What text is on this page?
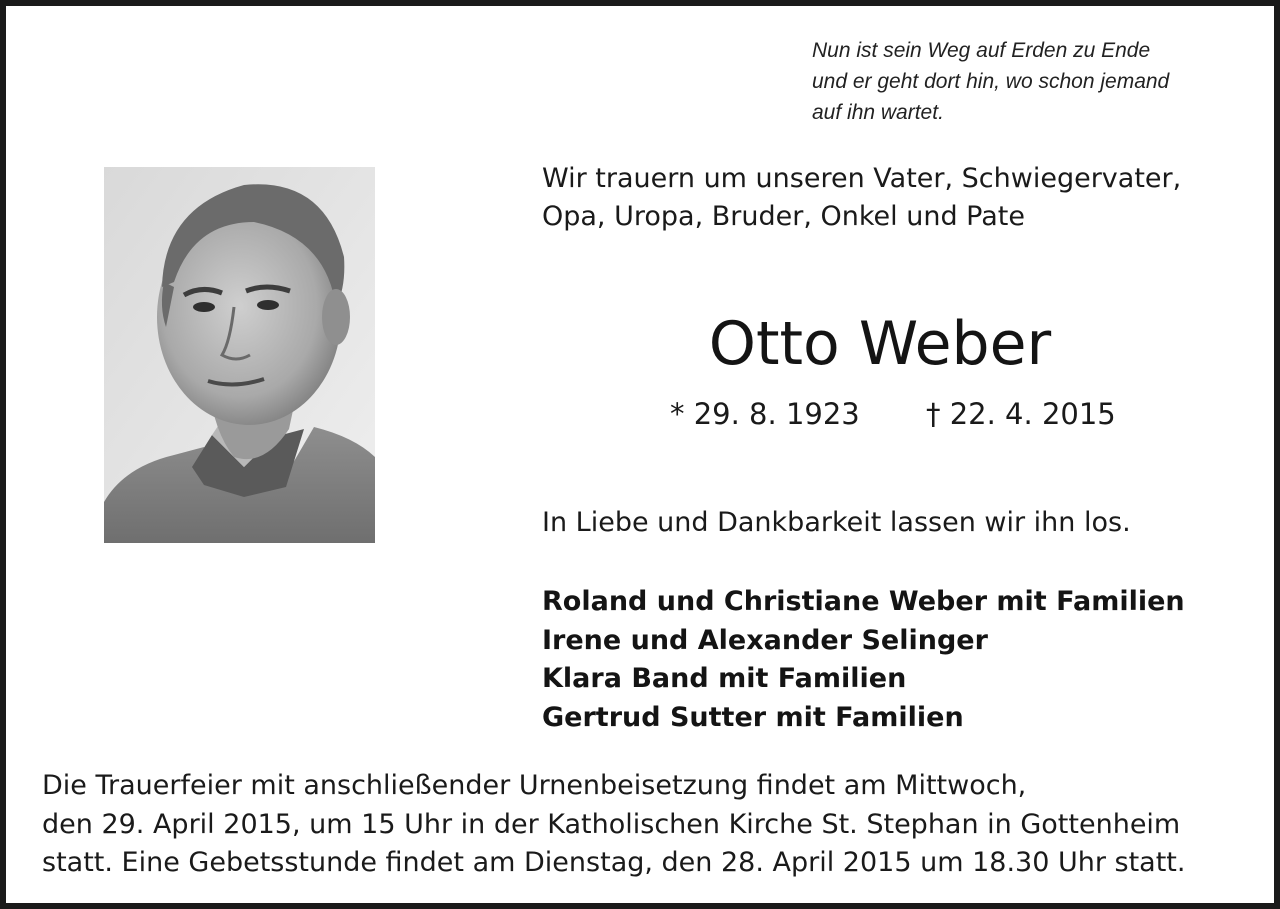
Nun ist sein Weg auf Erden zu Ende
und er geht dort hin, wo schon jemand
auf ihn wartet.
Wir trauern um unseren Vater, Schwiegervater,
Opa, Uropa, Bruder, Onkel und Pate
Otto Weber
* 29. 8. 1923 † 22. 4. 2015
In Liebe und Dankbarkeit lassen wir ihn los.
Roland und Christiane Weber mit Familien
Irene und Alexander Selinger
Klara Band mit Familien
Gertrud Sutter mit Familien
Die Trauerfeier mit anschließender Urnenbeisetzung findet am Mittwoch,
den 29. April 2015, um 15 Uhr in der Katholischen Kirche St. Stephan in Gottenheim
statt. Eine Gebetsstunde findet am Dienstag, den 28. April 2015 um 18.30 Uhr statt.
